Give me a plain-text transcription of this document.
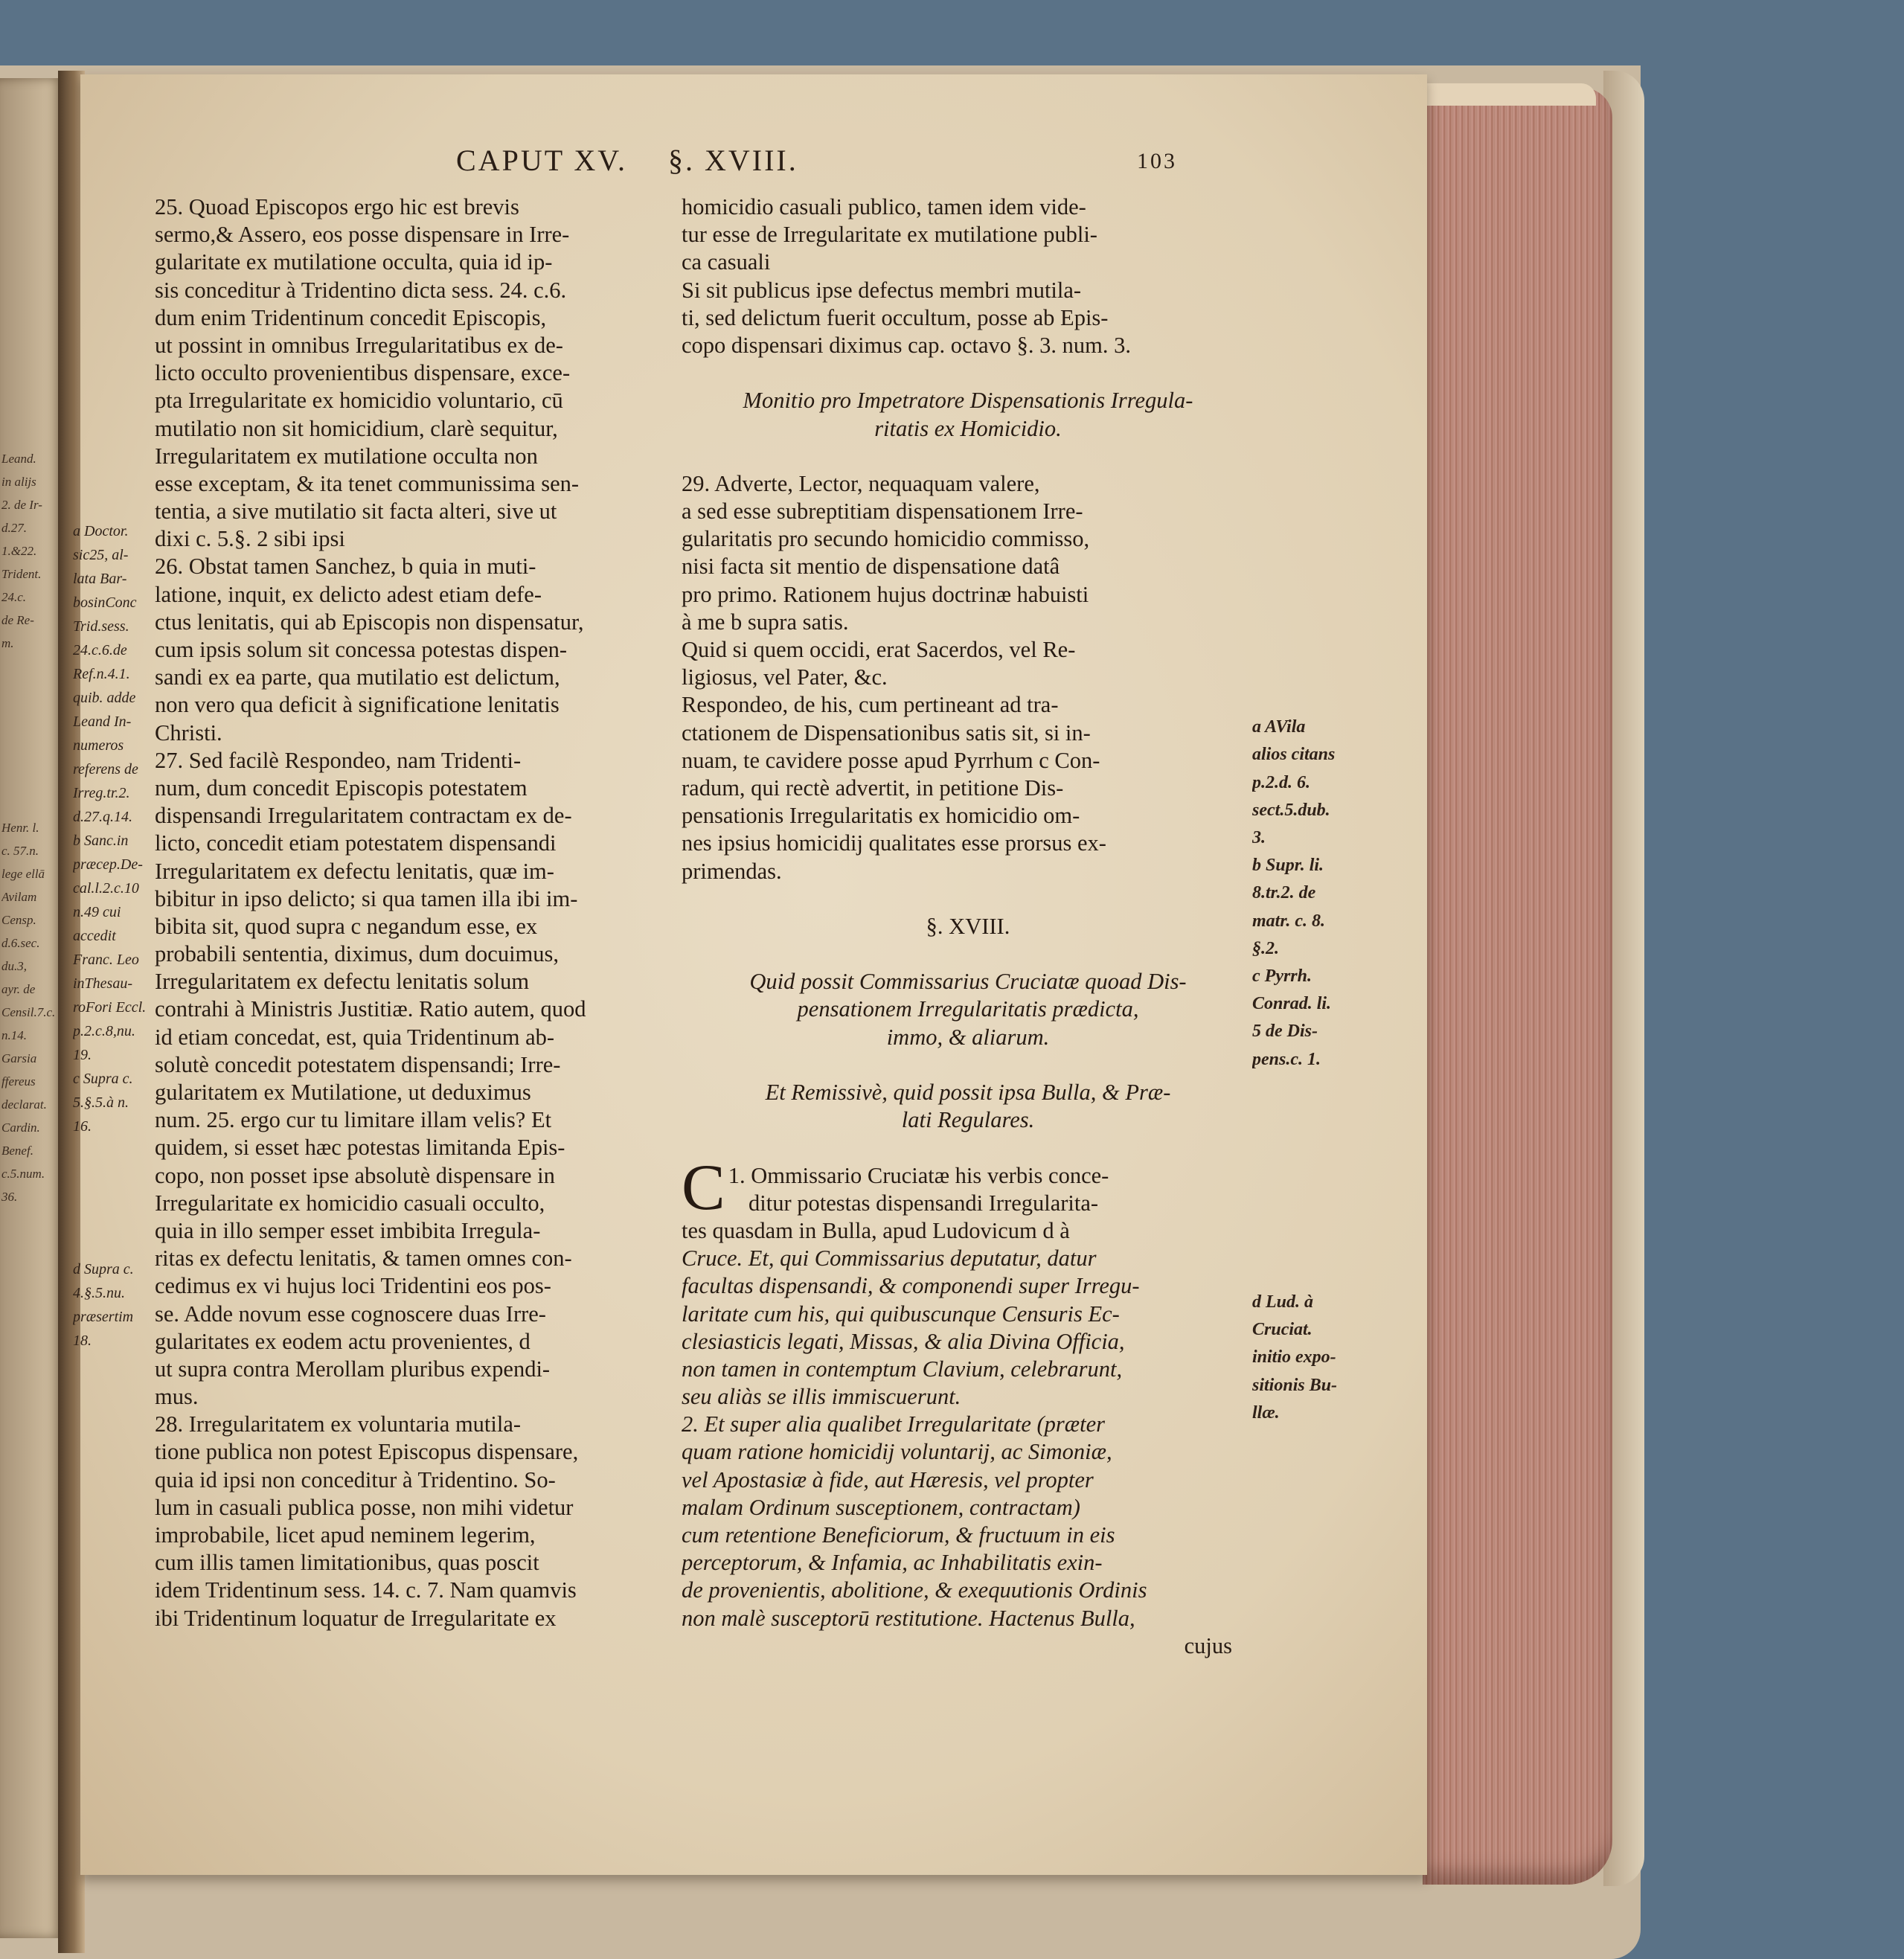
Leand.
in alijs
2. de Ir-
d.27.
1.&22.
Trident.
24.c.
de Re-
m.
Henr. l.
c. 57.n.
lege ellā
Avilam
Censp.
d.6.sec.
du.3,
ayr. de
Censil.7.c.
n.14.
Garsia
ffereus
declarat.
Cardin.
Benef.
c.5.num.
36.
CAPUT XV. §. XVIII.	103
25. Quoad Episcopos ergo hic est brevis
sermo,& Assero, eos posse dispensare in Irre-
gularitate ex mutilatione occulta, quia id ip-
sis conceditur à Tridentino dicta sess. 24. c.6.
dum enim Tridentinum concedit Episcopis,
ut possint in omnibus Irregularitatibus ex de-
licto occulto provenientibus dispensare, exce-
pta Irregularitate ex homicidio voluntario, cū
mutilatio non sit homicidium, clarè sequitur,
Irregularitatem ex mutilatione occulta non
esse exceptam, & ita tenet communissima sen-
tentia, a sive mutilatio sit facta alteri, sive ut
dixi c. 5.§. 2 sibi ipsi
26. Obstat tamen Sanchez, b quia in muti-
latione, inquit, ex delicto adest etiam defe-
ctus lenitatis, qui ab Episcopis non dispensatur,
cum ipsis solum sit concessa potestas dispen-
sandi ex ea parte, qua mutilatio est delictum,
non vero qua deficit à significatione lenitatis
Christi.
27. Sed facilè Respondeo, nam Tridenti-
num, dum concedit Episcopis potestatem
dispensandi Irregularitatem contractam ex de-
licto, concedit etiam potestatem dispensandi
Irregularitatem ex defectu lenitatis, quæ im-
bibitur in ipso delicto; si qua tamen illa ibi im-
bibita sit, quod supra c negandum esse, ex
probabili sententia, diximus, dum docuimus,
Irregularitatem ex defectu lenitatis solum
contrahi à Ministris Justitiæ. Ratio autem, quod
id etiam concedat, est, quia Tridentinum ab-
solutè concedit potestatem dispensandi; Irre-
gularitatem ex Mutilatione, ut deduximus
num. 25. ergo cur tu limitare illam velis? Et
quidem, si esset hæc potestas limitanda Epis-
copo, non posset ipse absolutè dispensare in
Irregularitate ex homicidio casuali occulto,
quia in illo semper esset imbibita Irregula-
ritas ex defectu lenitatis, & tamen omnes con-
cedimus ex vi hujus loci Tridentini eos pos-
se. Adde novum esse cognoscere duas Irre-
gularitates ex eodem actu provenientes, d
ut supra contra Merollam pluribus expendi-
mus.
28. Irregularitatem ex voluntaria mutila-
tione publica non potest Episcopus dispensare,
quia id ipsi non conceditur à Tridentino. So-
lum in casuali publica posse, non mihi videtur
improbabile, licet apud neminem legerim,
cum illis tamen limitationibus, quas poscit
idem Tridentinum sess. 14. c. 7. Nam quamvis
ibi Tridentinum loquatur de Irregularitate ex
homicidio casuali publico, tamen idem vide-
tur esse de Irregularitate ex mutilatione publi-
ca casuali
Si sit publicus ipse defectus membri mutila-
ti, sed delictum fuerit occultum, posse ab Epis-
copo dispensari diximus cap. octavo §. 3. num. 3.
Monitio pro Impetratore Dispensationis Irregula-
ritatis ex Homicidio.
29. Adverte, Lector, nequaquam valere,
a sed esse subreptitiam dispensationem Irre-
gularitatis pro secundo homicidio commisso,
nisi facta sit mentio de dispensatione datâ
pro primo. Rationem hujus doctrinæ habuisti
à me b supra satis.
Quid si quem occidi, erat Sacerdos, vel Re-
ligiosus, vel Pater, &c.
Respondeo, de his, cum pertineant ad tra-
ctationem de Dispensationibus satis sit, si in-
nuam, te cavidere posse apud Pyrrhum c Con-
radum, qui rectè advertit, in petitione Dis-
pensationis Irregularitatis ex homicidio om-
nes ipsius homicidij qualitates esse prorsus ex-
primendas.
§. XVIII.
Quid possit Commissarius Cruciatæ quoad Dis-
pensationem Irregularitatis prædicta,
immo, & aliarum.
Et Remissivè, quid possit ipsa Bulla, & Præ-
lati Regulares.
1.
C Ommissario Cruciatæ his verbis conce-
ditur potestas dispensandi Irregularita-
tes quasdam in Bulla, apud Ludovicum d à
Cruce. Et, qui Commissarius deputatur, datur
facultas dispensandi, & componendi super Irregu-
laritate cum his, qui quibuscunque Censuris Ec-
clesiasticis legati, Missas, & alia Divina Officia,
non tamen in contemptum Clavium, celebrarunt,
seu aliàs se illis immiscuerunt.
2. Et super alia qualibet Irregularitate (præter
quam ratione homicidij voluntarij, ac Simoniæ,
vel Apostasiæ à fide, aut Hæresis, vel propter
malam Ordinum susceptionem, contractam)
cum retentione Beneficiorum, & fructuum in eis
perceptorum, & Infamia, ac Inhabilitatis exin-
de provenientis, abolitione, & exequutionis Ordinis
non malè susceptorū restitutione. Hactenus Bulla,
cujus
a Doctor.
sic25, al-
lata Bar-
bosinConc
Trid.sess.
24.c.6.de
Ref.n.4.1.
quib. adde
Leand In-
numeros
referens de
Irreg.tr.2.
d.27.q.14.
b Sanc.in
præcep.De-
cal.l.2.c.10
n.49 cui
accedit
Franc. Leo
inThesau-
roFori Eccl.
p.2.c.8,nu.
19.
c Supra c.
5.§.5.à n.
16.
d Supra c.
4.§.5.nu.
præsertim
18.
a AVila
alios citans
p.2.d. 6.
sect.5.dub.
3.
b Supr. li.
8.tr.2. de
matr. c. 8.
§.2.
c Pyrrh.
Conrad. li.
5 de Dis-
pens.c. 1.
d Lud. à
Cruciat.
initio expo-
sitionis Bu-
llæ.
